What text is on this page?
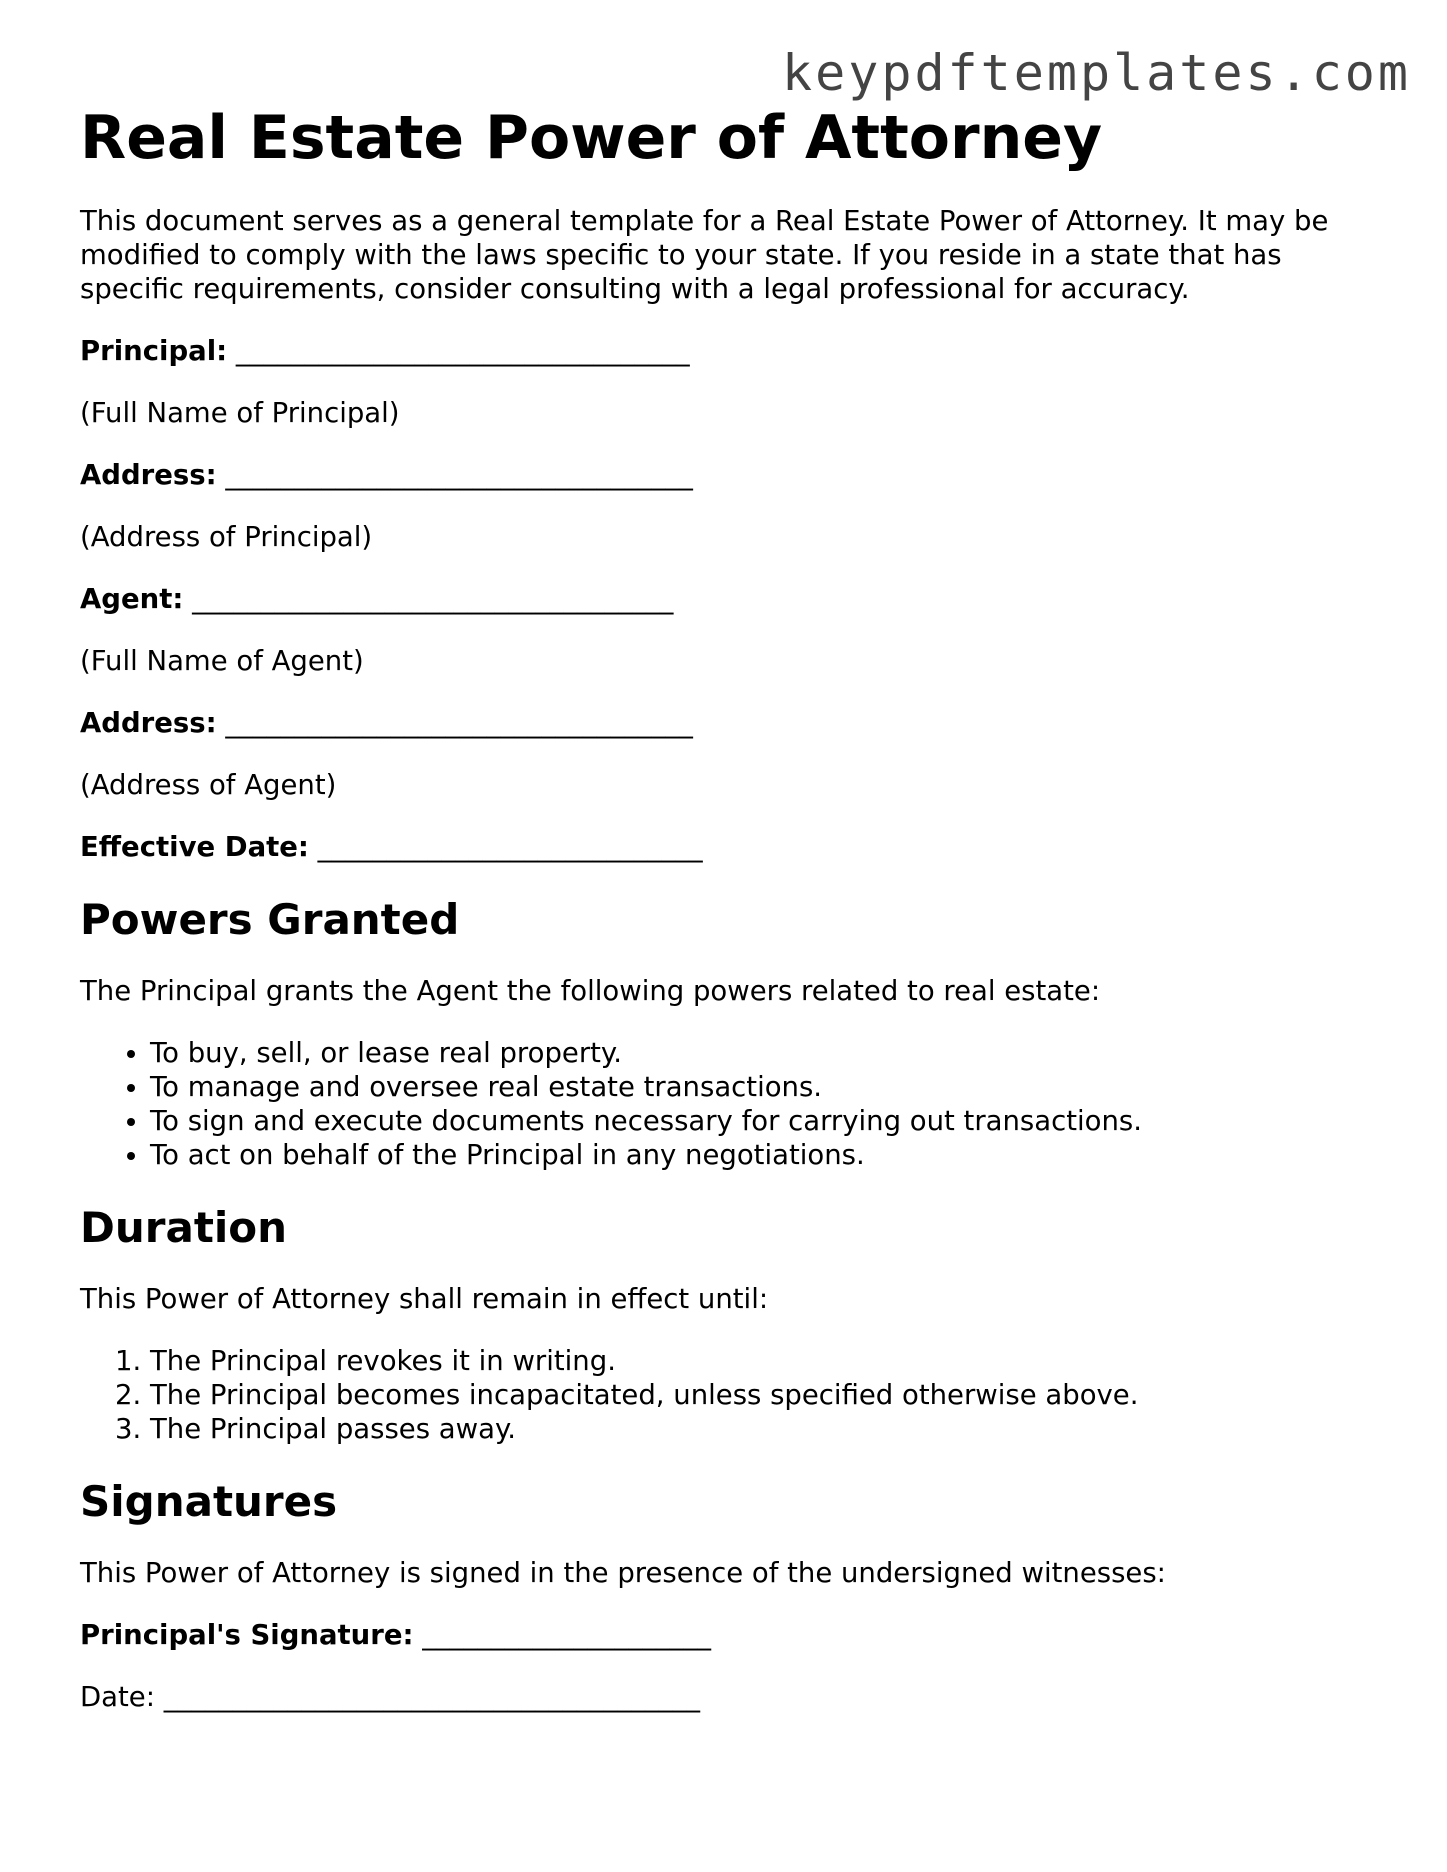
keypdftemplates.com
Real Estate Power of Attorney

This document serves as a general template for a Real Estate Power of Attorney. It may be modified to comply with the laws specific to your state. If you reside in a state that has specific requirements, consider consulting with a legal professional for accuracy.

Principal: _________________________________

(Full Name of Principal)

Address: __________________________________

(Address of Principal)

Agent: ___________________________________

(Full Name of Agent)

Address: __________________________________

(Address of Agent)

Effective Date: ____________________________

Powers Granted

The Principal grants the Agent the following powers related to real estate:

• To buy, sell, or lease real property.
• To manage and oversee real estate transactions.
• To sign and execute documents necessary for carrying out transactions.
• To act on behalf of the Principal in any negotiations.
Duration

This Power of Attorney shall remain in effect until:

1. The Principal revokes it in writing.
2. The Principal becomes incapacitated, unless specified otherwise above.
3. The Principal passes away.
Signatures

This Power of Attorney is signed in the presence of the undersigned witnesses:

Principal's Signature: _____________________

Date: _______________________________________
